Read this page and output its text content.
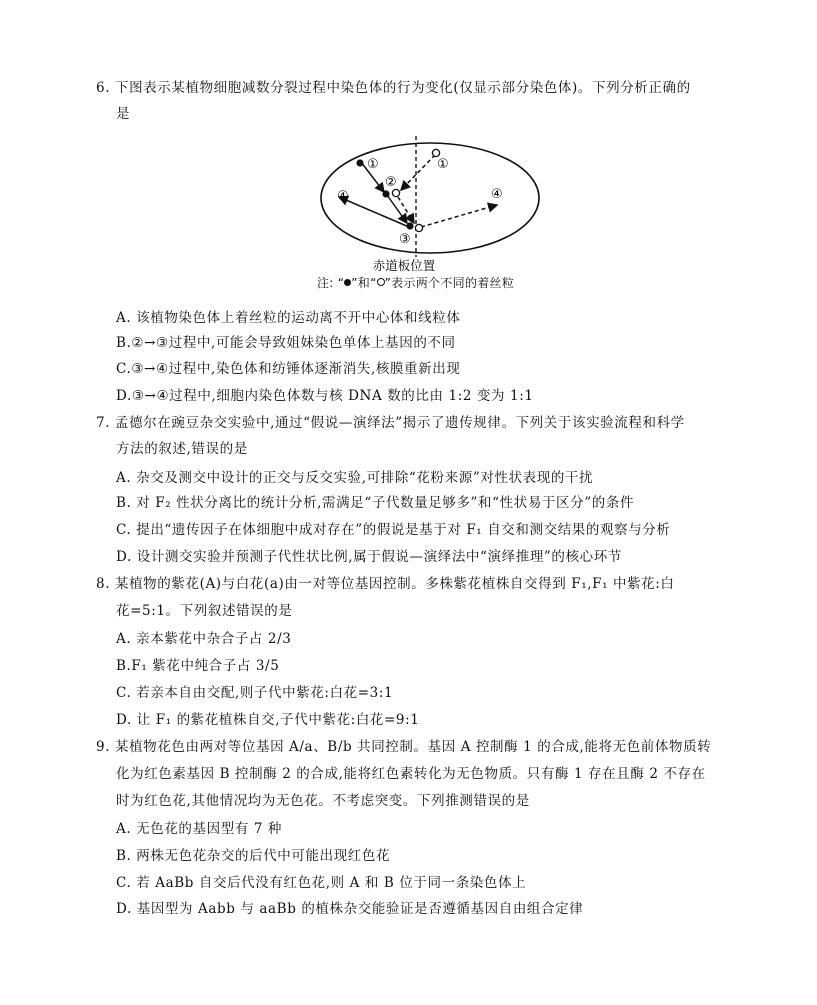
6. 下图表示某植物细胞减数分裂过程中染色体的行为变化(仅显示部分染色体)。下列分析正确的
是
①
②
③
④
①
④
赤道板位置
注: “ ”和“ ”表示两个不同的着丝粒
A. 该植物染色体上着丝粒的运动离不开中心体和线粒体
B.②→③过程中,可能会导致姐妹染色单体上基因的不同
C.③→④过程中,染色体和纺锤体逐渐消失,核膜重新出现
D.③→④过程中,细胞内染色体数与核 DNA 数的比由 1:2 变为 1:1
7. 孟德尔在豌豆杂交实验中,通过“假说—演绎法”揭示了遗传规律。下列关于该实验流程和科学
方法的叙述,错误的是
A. 杂交及测交中设计的正交与反交实验,可排除“花粉来源”对性状表现的干扰
B. 对 F₂ 性状分离比的统计分析,需满足“子代数量足够多”和“性状易于区分”的条件
C. 提出“遗传因子在体细胞中成对存在”的假说是基于对 F₁ 自交和测交结果的观察与分析
D. 设计测交实验并预测子代性状比例,属于假说—演绎法中“演绎推理”的核心环节
8. 某植物的紫花(A)与白花(a)由一对等位基因控制。多株紫花植株自交得到 F₁,F₁ 中紫花:白
花=5:1。下列叙述错误的是
A. 亲本紫花中杂合子占 2/3
B.F₁ 紫花中纯合子占 3/5
C. 若亲本自由交配,则子代中紫花:白花=3:1
D. 让 F₁ 的紫花植株自交,子代中紫花:白花=9:1
9. 某植物花色由两对等位基因 A/a、B/b 共同控制。基因 A 控制酶 1 的合成,能将无色前体物质转
化为红色素基因 B 控制酶 2 的合成,能将红色素转化为无色物质。只有酶 1 存在且酶 2 不存在
时为红色花,其他情况均为无色花。不考虑突变。下列推测错误的是
A. 无色花的基因型有 7 种
B. 两株无色花杂交的后代中可能出现红色花
C. 若 AaBb 自交后代没有红色花,则 A 和 B 位于同一条染色体上
D. 基因型为 Aabb 与 aaBb 的植株杂交能验证是否遵循基因自由组合定律
